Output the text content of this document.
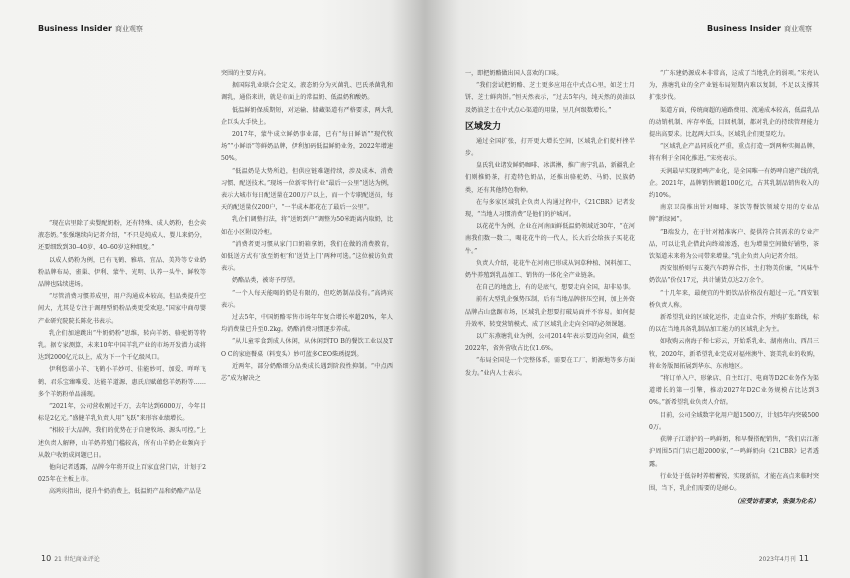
Business Insider 商业观察

“现在店里除了卖婴配奶粉，还有特殊、成人奶粉，也会卖液态奶。”张强继续向记者介绍，“不只是纯成人、婴儿来奶分，还要细致到30–40岁、40–60岁这种细度。”

以成人奶粉为例，已有飞鹤、雅培、宜品、美羚等专业奶粉品牌布局，雀巢、伊利、蒙牛、光明、认养一头牛、鲜牧等品牌也陆续进场。

“尽管消费习惯养成里，用户沟通成本较高，但品类提升空间大，尤其是专注于调理型奶粉品类更受欢迎。”国家中商母婴产业研究院院长陈化书表示。

乳企们加速跳出“牛奶奶粉”思维，转向羊奶、骆驼奶等特乳。据专家测算，未来10年中国羊乳产业的市场开发潜力或将达到2000亿元以上，成为下一个千亿级风口。

伊利悠诺小羊、飞鹤小羊妙可、佳能妙可、加爱、咩咩飞鹤、君乐宝臻唯爱、达能羊道源、惠氏启赋蕴悠羊奶粉等……多个羊奶粉单品涌现。

“2021年，公司营收刚过千万，去年达到6000万，今年目标是2亿元。”盛健羊乳负责人用“飞跃”来形容业绩增长。

“相较于大品牌，我们的优势在于自建牧场、源头可控。”上述负责人解释，山羊奶养殖门槛较高，所有山羊奶企业频向于从散户收奶成问题已日。

他向记者透露，品牌今年将开设上百家直营门店，计划于2025年在主板上市。

高鸿宾指出，提升牛奶消费上，低温奶产品和奶酪产品是

突围的主要方向。

据国际乳业联合会定义，液态奶分为灭菌乳、巴氏杀菌乳和调乳，通俗来讲，就是市面上的常温奶、低温奶和酸奶。

低温鲜奶保质期短，对运输、储藏渠道有严格要求，两大乳企巨头大手快上。

2017年，蒙牛成立鲜奶事业部，已有“每日鲜语”“现代牧场”“小鲜语”等鲜奶品牌，伊利加码低温鲜奶业务，2022年增速50%。

“低温奶是大势所趋，但供应链难题持续，涉及成本、消费习惯、配送技术。”现场一位新零售行业“最后一公里”送达为例，表示大城市每日配送量在200万户以上，而一个专职配送员，每天的配送量仅200户，“一半成本都花在了最后一公里”。

乳企们调整打法，将“送奶到户”调整为50米距离内取奶，比如在小区附设冷柜。

“消费者更习惯从家门口奶箱拿奶，我们在做的消费教育，如低送方式有‘放至奶柜’和‘送货上门’两种可选。”这位被访负责表示。

奶酪品类，被寄予厚望。

“一个人每天能喝的奶是有限的，但吃奶制品没有。”高鸿宾表示。

过去5年，中国奶酪零售市场年年复合增长率超20%，年人均消费量已升至0.2kg。奶酪消费习惯逐步养成。

“从儿童零食到成人休闲，从休闲到TO B的餐饮工业以及TO C的家庭餐桌（料变头）妙可蓝多CEO柴琇提到。

近两年，部分奶酪细分品类成长遇到阶段性抑制。“中点西芯”成为解决之

10 21 世纪商业评论
Business Insider 商业观察

一，即把奶酪做出国人喜欢的口味。

“我们尝试把奶酪、芝士更多应用在中式点心里，如芝士月饼、芝士鲜肉饼。”恒天然表示，“过去5年内，纯天然的黄油以及奶油芝士在中式点心渠道的用量，呈几何级数增长。”

区域发力

通过全国扩张，打开更大增长空间，区域乳企们捉杆挫半步。

皇氏乳业诸发鲜奶咖啡、冰淇淋，推广南宁乳品，新疆乳企们则推奶茶，打造特色奶品，还推出骆驼奶、马奶、民族奶类，还有其他特色物种。

在与多家区域乳企负责人沟通过程中，《21CBR》记者发现，“当地人习惯消费”是他们的护城河。

以花花牛为例，企业在河南面鲜低温奶领域近30年，“在河南我们数一数二，喝花花牛的一代人，长大后会给孩子买花花牛。”

负责人介绍，花花牛在河南已形成从饲草种植、饲料加工、奶牛养殖到乳品加工、销售的一体化全产业链条。

在自己的地盘上，有的是底气，想要走向全国，却非易事。

前有大型乳企强势压制，后有当地品牌挤压空间，加上外资品牌占山盘踞市场，区域乳企想要打破局面并不容易。如何提升效率、转变营销模式、成了区域乳企走向全国的必须课题。

以广东燕塘乳业为例，公司2014年表示要迈向全国，截至2022年，省外营收占比仅1.6%。

“布局全国是一个完整体系，需要在工厂、奶源地等多方面发力。”业内人士表示。

“广东建奶源成本非常高，这成了当地乳企的弱项。”宋亮认为，燕塘乳业的全产业链布局短期内难以复制，不足以支撑其扩张步伐。

渠道方面，传统商超的通路费用、流通成本较高，低温乳品的动销机制、库存率低，目回机制，都对乳企的持续管理能力提出高要求。比起两大巨头，区域乳企们更显吃力。

“区域乳企产品同质化严重，重点打造一到两种实揭品牌，将有利于全国化推进。”宋亮表示。

天润最早实现奶啤产业化，是全国唯一有奶啤自建产线的乳企。2021年，品牌销售额超100亿元，占其乳制品销售收入的约10%。

南京卫岗推出针对咖啡、茶饮等餐饮领域专用的专业品牌“新绿园”。

“B端发力，在于针对精准客户、提供符合其需求的专业产品，可以让乳企借此向终端渗透，也为增量空间做好铺垫，茶饮渠道未来将为公司带来增量。”乳企负责人向记者介绍。

西安银桥则与五菱汽车跨界合作，主打物美价廉，“风味牛奶饮品”价仅17元，共计铺货点达2万余个。

“十几年来，最便宜的牛奶饮品价格没有超过一元。”西安银桥负责人称。

新希望乳业的区域化运作，走直业合作，并购扩张路线，标的以在当地具备乳制品加工能力的区域乳企为主。

如收购云南海子和七彩云，开始系乳业、湖南南山、西昌三牧，2020年，新希望乳业完成对福州澳牛、寰美乳业的收购，将业务版图拓展到华东、东南地区。

“将订单入户、形象店、自主红汀、电商等D2C业务作为渠道增长的第一引擎，推动2027年D2C业务规模占比达到30%。”新希望乳业负责人介绍。

目前，公司全域数字化用户超1500万，计划5年内突破5000万。

获牌子江谱护的一鸣鲜奶，和早餐搭配销售，“我们店江浙沪周围5百门店已超2000家，”一鸣鲜奶向《21CBR》记者透露。

行业处于低谷时养精蓄锐，实现新招，才能在高点来临时突围，当下，乳企们需要的是耐心。

（应受访者要求，张强为化名）

2023年4月刊 11
